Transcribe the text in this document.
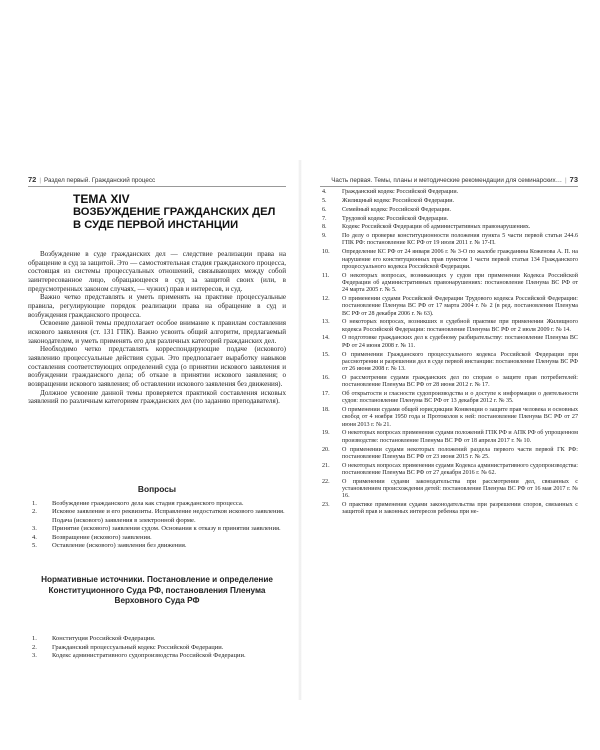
72 | Раздел первый. Гражданский процесс
ТЕМА XIV
ВОЗБУЖДЕНИЕ ГРАЖДАНСКИХ ДЕЛ В СУДЕ ПЕРВОЙ ИНСТАНЦИИ

Возбуждение в суде гражданских дел — следствие реализации права на обращение в суд за защитой. Это — самостоятельная стадия гражданского процесса, состоящая из системы процессуальных отношений, связывающих между собой заинтересованное лицо, обращающееся в суд за защитой своих (или, в предусмотренных законом случаях, — чужих) прав и интересов, и суд.

Важно четко представлять и уметь применять на практике процессуальные правила, регулирующие порядок реализации права на обращение в суд и возбуждения гражданского процесса.

Освоение данной темы предполагает особое внимание к правилам составления искового заявления (ст. 131 ГПК). Важно усвоить общий алгоритм, предлагаемый законодателем, и уметь применять его для различных категорий гражданских дел.

Необходимо четко представлять корреспондирующие подаче (искового) заявлению процессуальные действия судьи. Это предполагает выработку навыков составления соответствующих определений суда (о принятии искового заявления и возбуждении гражданского дела; об отказе в принятии искового заявления; о возвращении искового заявления; об оставлении искового заявления без движения).

Должное усвоение данной темы проверяется практикой составления исковых заявлений по различным категориям гражданских дел (по заданию преподавателя).

Вопросы
1. Возбуждение гражданского дела как стадия гражданского процесса.
2. Исковое заявление и его реквизиты. Исправление недостатков искового заявления. Подача (искового) заявления в электронной форме.
3. Принятие (искового) заявления судом. Основания к отказу в принятии заявления.
4. Возвращение (искового) заявления.
5. Оставление (искового) заявления без движения.
Нормативные источники. Постановление и определение Конституционного Суда РФ, постановления Пленума Верховного Суда РФ
1. Конституция Российской Федерации.
2. Гражданский процессуальный кодекс Российской Федерации.
3. Кодекс административного судопроизводства Российской Федерации.
Часть первая. Темы, планы и методические рекомендации для семинарских… | 73
4.	Гражданский кодекс Российской Федерации.
5.	Жилищный кодекс Российской Федерации.
6.	Семейный кодекс Российской Федерации.
7.	Трудовой кодекс Российской Федерации.
8.	Кодекс Российской Федерации об административных правонарушениях.
9.	По делу о проверке конституционности положения пункта 5 части первой статьи 244.6 ГПК РФ: постановление КС РФ от 19 июля 2011 г. № 17-П.
10. Определение КС РФ от 24 января 2006 г. № 3-О по жалобе гражданина Коженова А. П. на нарушение его конституционных прав пунктом 1 части первой статьи 134 Гражданского процессуального кодекса Российской Федерации.
11. О некоторых вопросах, возникающих у судов при применении Кодекса Российской Федерации об административных правонарушениях: постановление Пленума ВС РФ от 24 марта 2005 г. № 5.
12. О применении судами Российской Федерации Трудового кодекса Российской Федерации: постановление Пленума ВС РФ от 17 марта 2004 г. № 2 (в ред. постановления Пленума ВС РФ от 28 декабря 2006 г. № 63).
13. О некоторых вопросах, возникших в судебной практике при применении Жилищного кодекса Российской Федерации: постановление Пленума ВС РФ от 2 июля 2009 г. № 14.
14. О подготовке гражданских дел к судебному разбирательству: постановление Пленума ВС РФ от 24 июня 2008 г. № 11.
15. О применении Гражданского процессуального кодекса Российской Федерации при рассмотрении и разрешении дел в суде первой инстанции: постановление Пленума ВС РФ от 26 июня 2008 г. № 13.
16. О рассмотрении судами гражданских дел по спорам о защите прав потребителей: постановление Пленума ВС РФ от 28 июня 2012 г. № 17.
17. Об открытости и гласности судопроизводства и о доступе к информации о деятельности судов: постановление Пленума ВС РФ от 13 декабря 2012 г. № 35.
18. О применении судами общей юрисдикции Конвенции о защите прав человека и основных свобод от 4 ноября 1950 года и Протоколов к ней: постановление Пленума ВС РФ от 27 июня 2013 г. № 21.
19. О некоторых вопросах применения судами положений ГПК РФ и АПК РФ об упрощенном производстве: постановление Пленума ВС РФ от 18 апреля 2017 г. № 10.
20. О применении судами некоторых положений раздела первого части первой ГК РФ: постановление Пленума ВС РФ от 23 июня 2015 г. № 25.
21. О некоторых вопросах применения судами Кодекса административного судопроизводства: постановление Пленума ВС РФ от 27 декабря 2016 г. № 62.
22. О применении судами законодательства при рассмотрении дел, связанных с установлением происхождения детей: постановление Пленума ВС РФ от 16 мая 2017 г. № 16.
23. О практике применения судами законодательства при разрешении споров, связанных с защитой прав и законных интересов ребенка при не-
